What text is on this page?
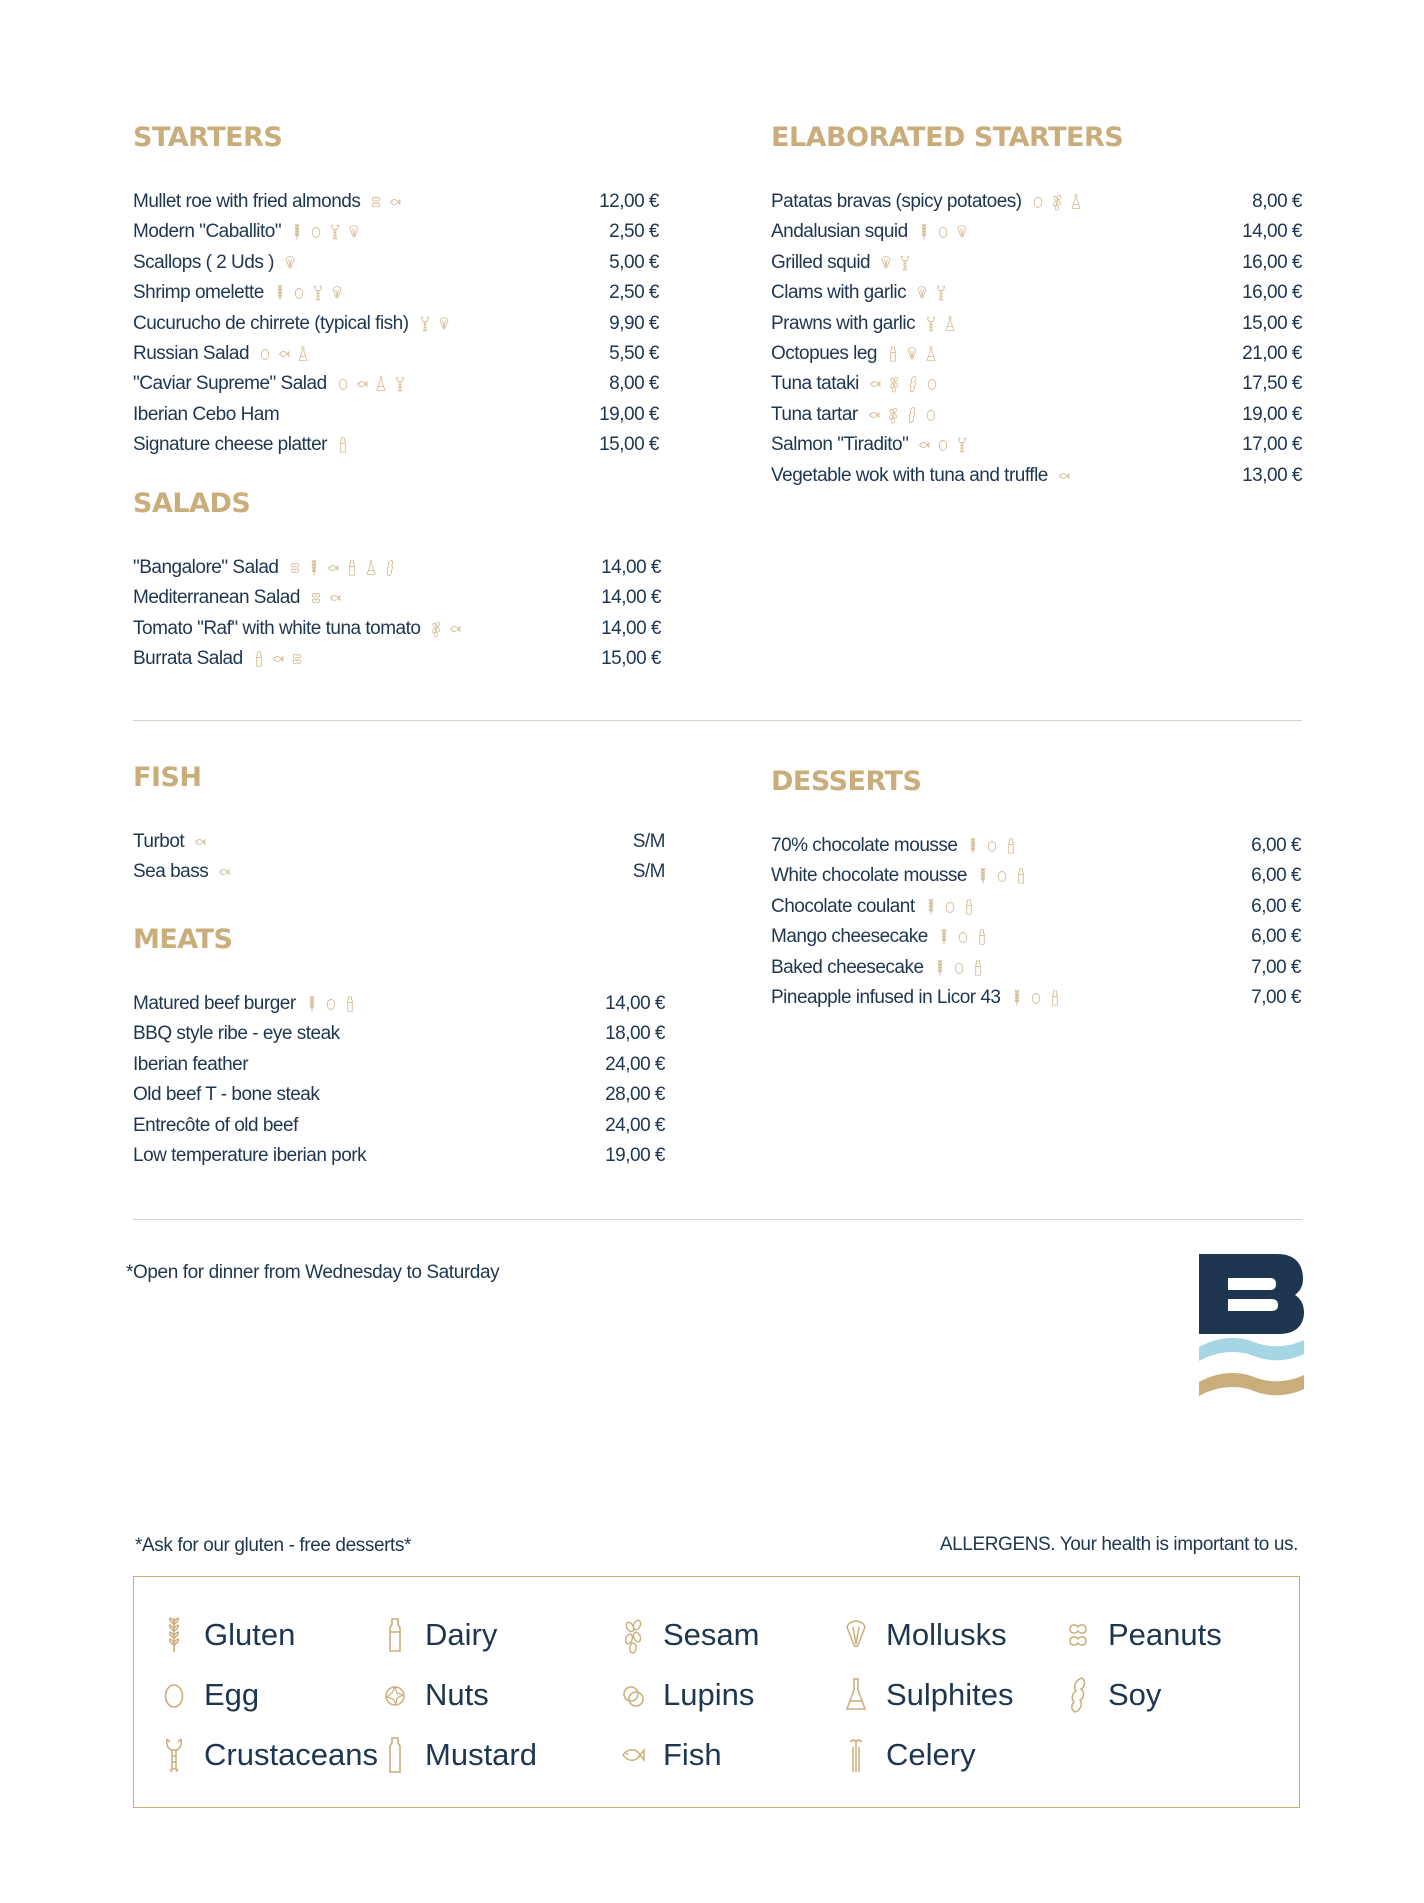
STARTERS
Mullet roe with fried almonds	12,00 €
Modern "Caballito"	2,50 €
Scallops ( 2 Uds )	5,00 €
Shrimp omelette	2,50 €
Cucurucho de chirrete (typical fish)	9,90 €
Russian Salad	5,50 €
"Caviar Supreme" Salad	8,00 €
Iberian Cebo Ham	19,00 €
Signature cheese platter	15,00 €
SALADS
"Bangalore" Salad	14,00 €
Mediterranean Salad	14,00 €
Tomato "Raf" with white tuna tomato	14,00 €
Burrata Salad	15,00 €
ELABORATED STARTERS
Patatas bravas (spicy potatoes)	8,00 €
Andalusian squid	14,00 €
Grilled squid	16,00 €
Clams with garlic	16,00 €
Prawns with garlic	15,00 €
Octopues leg	21,00 €
Tuna tataki	17,50 €
Tuna tartar	19,00 €
Salmon "Tiradito"	17,00 €
Vegetable wok with tuna and truffle	13,00 €
FISH
Turbot	S/M
Sea bass	S/M
MEATS
Matured beef burger	14,00 €
BBQ style ribe - eye steak	18,00 €
Iberian feather	24,00 €
Old beef T - bone steak	28,00 €
Entrecôte of old beef	24,00 €
Low temperature iberian pork	19,00 €
DESSERTS
70% chocolate mousse	6,00 €
White chocolate mousse	6,00 €
Chocolate coulant	6,00 €
Mango cheesecake	6,00 €
Baked cheesecake	7,00 €
Pineapple infused in Licor 43	7,00 €
*Open for dinner from Wednesday to Saturday
*Ask for our gluten - free desserts*	ALLERGENS. Your health is important to us.
Gluten	Dairy	Sesam	Mollusks	Peanuts
Egg	Nuts	Lupins	Sulphites	Soy
Crustaceans	Mustard	Fish	Celery
